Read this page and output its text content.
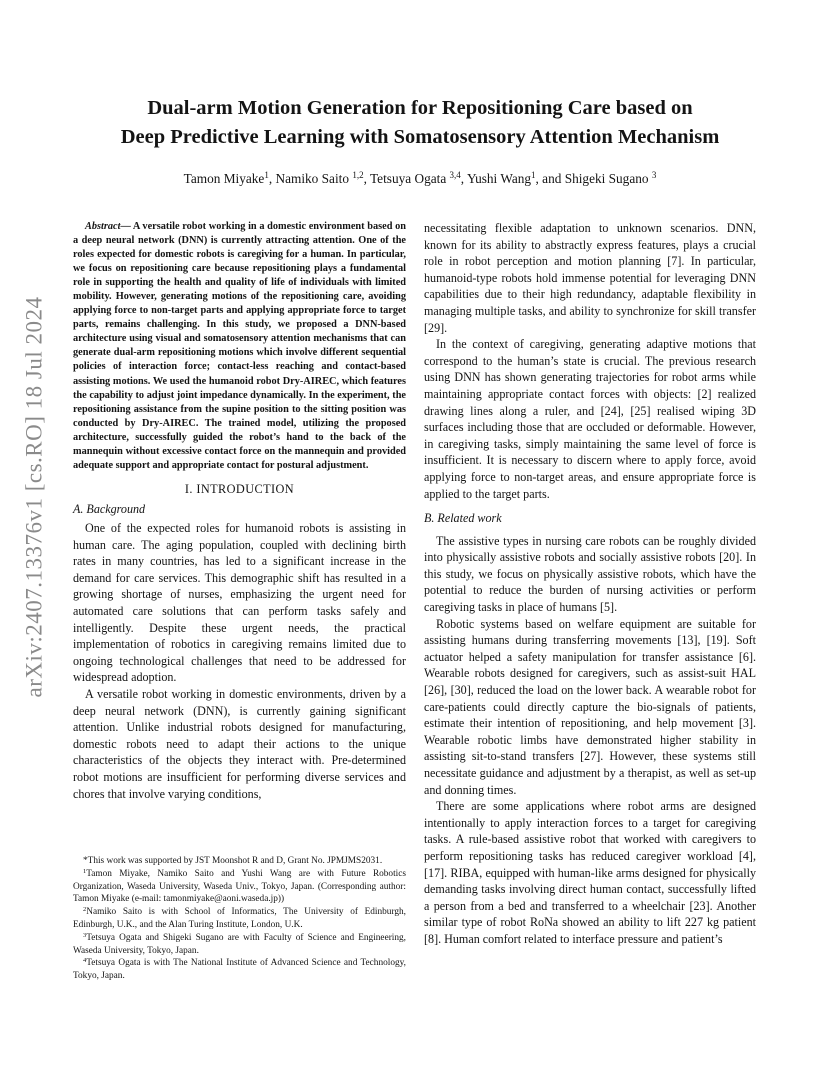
arXiv:2407.13376v1 [cs.RO] 18 Jul 2024
Dual-arm Motion Generation for Repositioning Care based on
Deep Predictive Learning with Somatosensory Attention Mechanism
Tamon Miyake$^1$, Namiko Saito $^{1,2}$, Tetsuya Ogata $^{3,4}$, Yushi Wang$^1$, and Shigeki Sugano $^3$

Abstract— A versatile robot working in a domestic environment based on a deep neural network (DNN) is currently attracting attention. One of the roles expected for domestic robots is caregiving for a human. In particular, we focus on repositioning care because repositioning plays a fundamental role in supporting the health and quality of life of individuals with limited mobility. However, generating motions of the repositioning care, avoiding applying force to non-target parts and applying appropriate force to target parts, remains challenging. In this study, we proposed a DNN-based architecture using visual and somatosensory attention mechanisms that can generate dual-arm repositioning motions which involve different sequential policies of interaction force; contact-less reaching and contact-based assisting motions. We used the humanoid robot Dry-AIREC, which features the capability to adjust joint impedance dynamically. In the experiment, the repositioning assistance from the supine position to the sitting position was conducted by Dry-AIREC. The trained model, utilizing the proposed architecture, successfully guided the robot’s hand to the back of the mannequin without excessive contact force on the mannequin and provided adequate support and appropriate contact for postural adjustment.

I. INTRODUCTION
A. Background

One of the expected roles for humanoid robots is assisting in human care. The aging population, coupled with declining birth rates in many countries, has led to a significant increase in the demand for care services. This demographic shift has resulted in a growing shortage of nurses, emphasizing the urgent need for automated care solutions that can perform tasks safely and intelligently. Despite these urgent needs, the practical implementation of robotics in caregiving remains limited due to ongoing technological challenges that need to be addressed for widespread adoption.

A versatile robot working in domestic environments, driven by a deep neural network (DNN), is currently gaining significant attention. Unlike industrial robots designed for manufacturing, domestic robots need to adapt their actions to the unique characteristics of the objects they interact with. Pre-determined robot motions are insufficient for performing diverse services and chores that involve varying conditions,

*This work was supported by JST Moonshot R and D, Grant No. JPMJMS2031.

$^1$Tamon Miyake, Namiko Saito and Yushi Wang are with Future Robotics Organization, Waseda University, Waseda Univ., Tokyo, Japan. (Corresponding author: Tamon Miyake (e-mail: tamonmiyake@aoni.waseda.jp))

$^2$Namiko Saito is with School of Informatics, The University of Edinburgh, Edinburgh, U.K., and the Alan Turing Institute, London, U.K.

$^3$Tetsuya Ogata and Shigeki Sugano are with Faculty of Science and Engineering, Waseda University, Tokyo, Japan.

$^4$Tetsuya Ogata is with The National Institute of Advanced Science and Technology, Tokyo, Japan.

necessitating flexible adaptation to unknown scenarios. DNN, known for its ability to abstractly express features, plays a crucial role in robot perception and motion planning [7]. In particular, humanoid-type robots hold immense potential for leveraging DNN capabilities due to their high redundancy, adaptable flexibility in managing multiple tasks, and ability to synchronize for skill transfer [29].

In the context of caregiving, generating adaptive motions that correspond to the human’s state is crucial. The previous research using DNN has shown generating trajectories for robot arms while maintaining appropriate contact forces with objects: [2] realized drawing lines along a ruler, and [24], [25] realised wiping 3D surfaces including those that are occluded or deformable. However, in caregiving tasks, simply maintaining the same level of force is insufficient. It is necessary to discern where to apply force, avoid applying force to non-target areas, and ensure appropriate force is applied to the target parts.

B. Related work

The assistive types in nursing care robots can be roughly divided into physically assistive robots and socially assistive robots [20]. In this study, we focus on physically assistive robots, which have the potential to reduce the burden of nursing activities or perform caregiving tasks in place of humans [5].

Robotic systems based on welfare equipment are suitable for assisting humans during transferring movements [13], [19]. Soft actuator helped a safety manipulation for transfer assistance [6]. Wearable robots designed for caregivers, such as assist-suit HAL [26], [30], reduced the load on the lower back. A wearable robot for care-patients could directly capture the bio-signals of patients, estimate their intention of repositioning, and help movement [3]. Wearable robotic limbs have demonstrated higher stability in assisting sit-to-stand transfers [27]. However, these systems still necessitate guidance and adjustment by a therapist, as well as set-up and donning times.

There are some applications where robot arms are designed intentionally to apply interaction forces to a target for caregiving tasks. A rule-based assistive robot that worked with caregivers to perform repositioning tasks has reduced caregiver workload [4], [17]. RIBA, equipped with human-like arms designed for physically demanding tasks involving direct human contact, successfully lifted a person from a bed and transferred to a wheelchair [23]. Another similar type of robot RoNa showed an ability to lift 227 kg patient [8]. Human comfort related to interface pressure and patient’s
